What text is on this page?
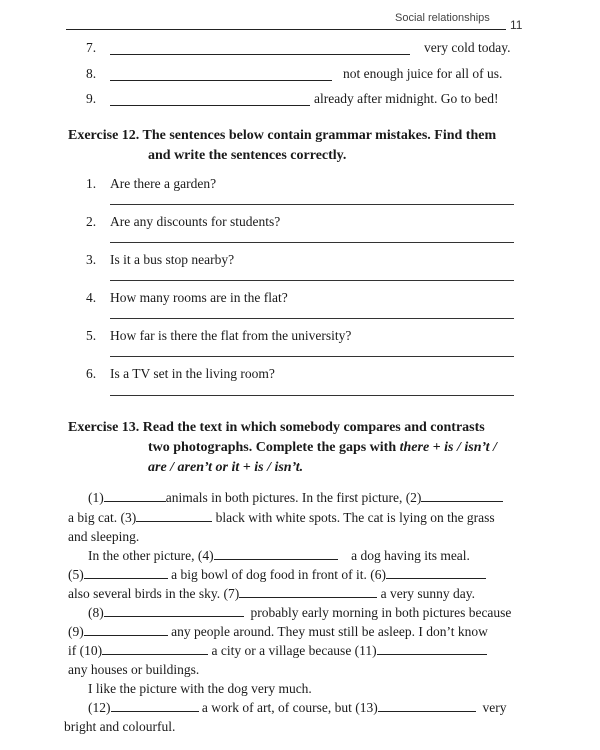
Social relationships 11
7.	very cold today.
8.	not enough juice for all of us.
9.	already after midnight. Go to bed!
Exercise 12. The sentences below contain grammar mistakes. Find them
and write the sentences correctly.
1. Are there a garden?
2. Are any discounts for students?
3. Is it a bus stop nearby?
4. How many rooms are in the flat?
5. How far is there the flat from the university?
6. Is a TV set in the living room?
Exercise 13. Read the text in which somebody compares and contrasts
two photographs. Complete the gaps with there + is / isn’t /
are / aren’t or it + is / isn’t.
(1)	animals in both pictures. In the first picture, (2)
a big cat. (3)	black with white spots. The cat is lying on the grass
and sleeping.
In the other picture, (4)	a dog having its meal.
(5)	a big bowl of dog food in front of it. (6)
also several birds in the sky. (7)	a very sunny day.
(8)	probably early morning in both pictures because
(9)	any people around. They must still be asleep. I don’t know
if (10)	a city or a village because (11)
any houses or buildings.
I like the picture with the dog very much.
(12)	a work of art, of course, but (13)	very
bright and colourful.
